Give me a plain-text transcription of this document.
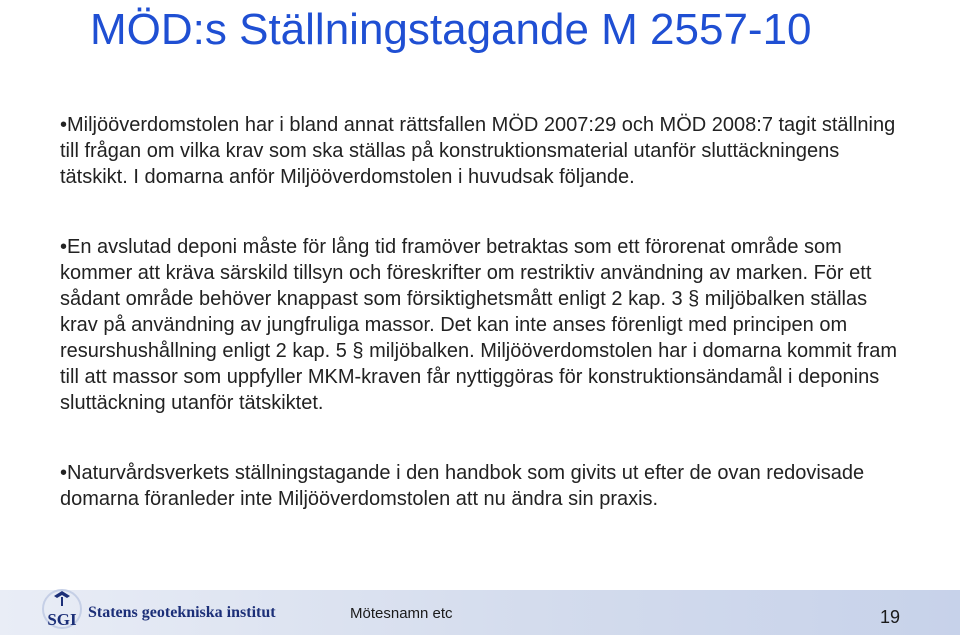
MÖD:s Ställningstagande M 2557-10

•Miljööverdomstolen har i bland annat rättsfallen MÖD 2007:29 och MÖD 2008:7 tagit ställning till frågan om vilka krav som ska ställas på konstruktionsmaterial utanför sluttäckningens tätskikt. I domarna anför Miljööverdomstolen i huvudsak följande.

•En avslutad deponi måste för lång tid framöver betraktas som ett förorenat område som kommer att kräva särskild tillsyn och föreskrifter om restriktiv användning av marken. För ett sådant område behöver knappast som försiktighetsmått enligt 2 kap. 3 § miljöbalken ställas krav på användning av jungfruliga massor. Det kan inte anses förenligt med principen om resurshushållning enligt 2 kap. 5 § miljöbalken. Miljööverdomstolen har i domarna kommit fram till att massor som uppfyller MKM-kraven får nyttiggöras för konstruktionsändamål i deponins sluttäckning utanför tätskiktet.

•Naturvårdsverkets ställningstagande i den handbok som givits ut efter de ovan redovisade domarna föranleder inte Miljööverdomstolen att nu ändra sin praxis.

SGI Statens geotekniska institut	Mötesnamn etc	19
